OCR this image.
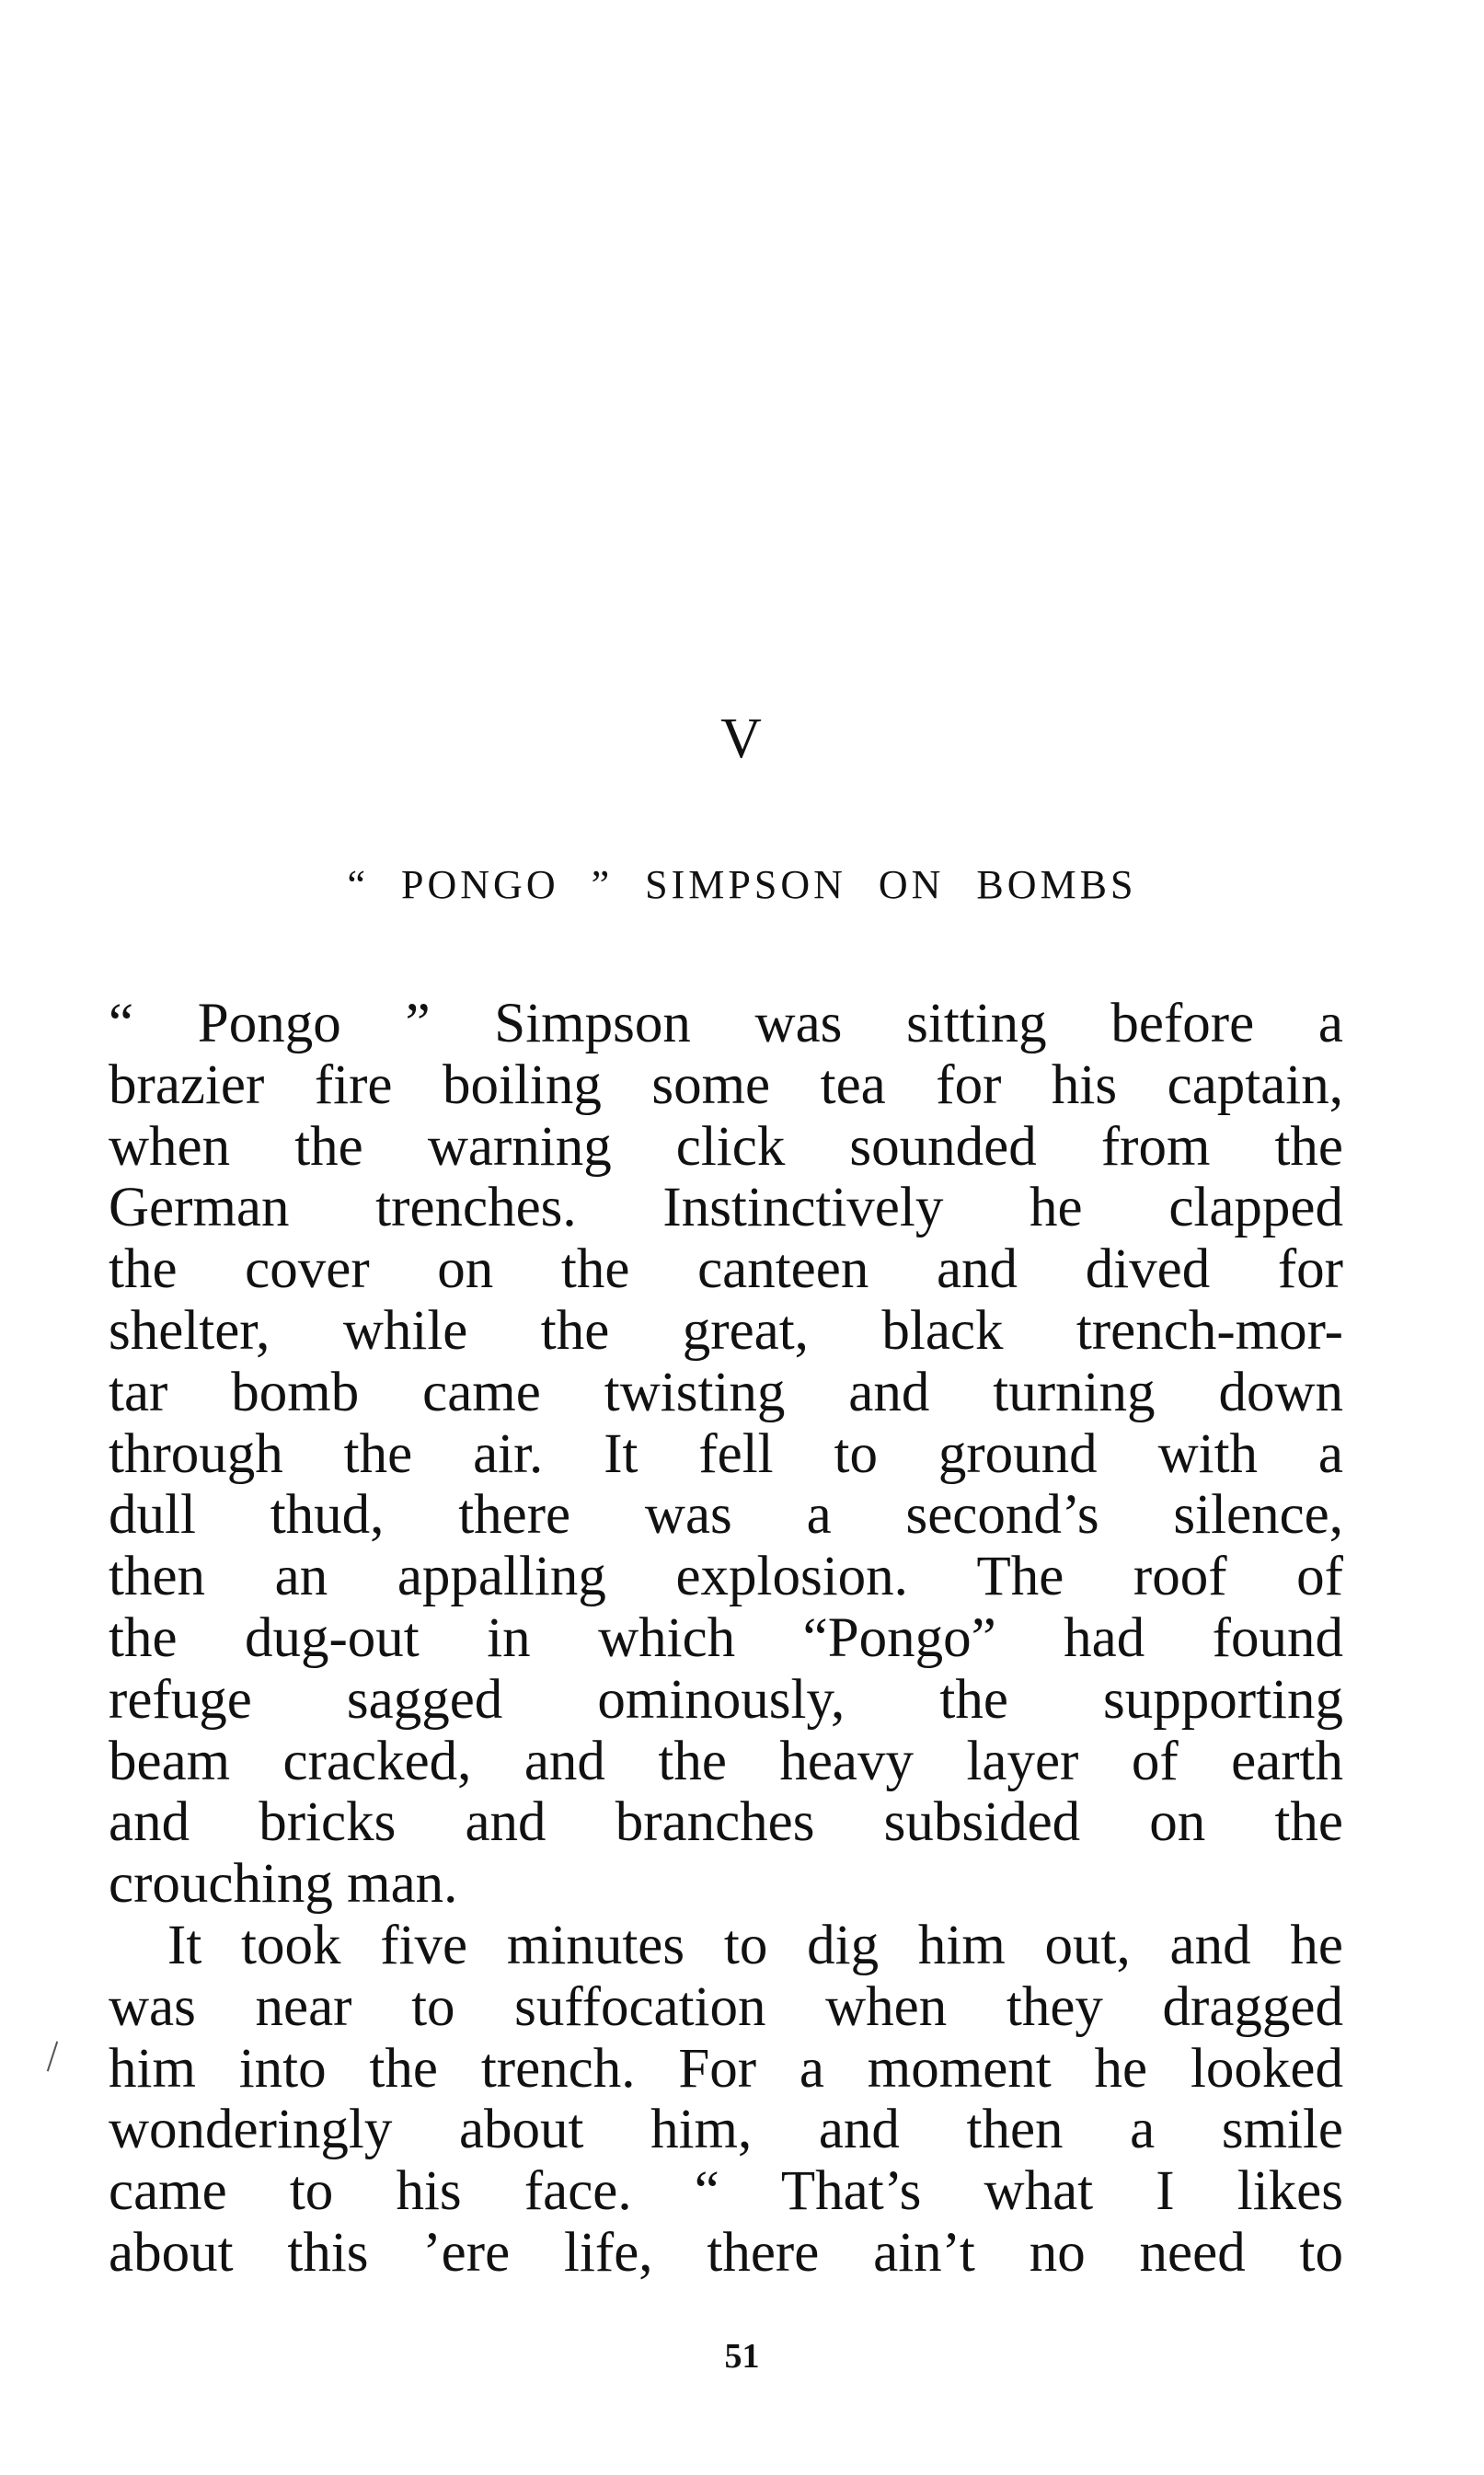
V
“ PONGO ” SIMPSON ON BOMBS
“ Pongo ” Simpson was sitting before a
brazier fire boiling some tea for his captain,
when the warning click sounded from the
German trenches. Instinctively he clapped
the cover on the canteen and dived for
shelter, while the great, black trench-mor-
tar bomb came twisting and turning down
through the air. It fell to ground with a
dull thud, there was a second’s silence,
then an appalling explosion. The roof of
the dug-out in which “Pongo” had found
refuge sagged ominously, the supporting
beam cracked, and the heavy layer of earth
and bricks and branches subsided on the
crouching man.
It took five minutes to dig him out, and he
was near to suffocation when they dragged
him into the trench. For a moment he looked
wonderingly about him, and then a smile
came to his face. “ That’s what I likes
about this ’ere life, there ain’t no need to
51
